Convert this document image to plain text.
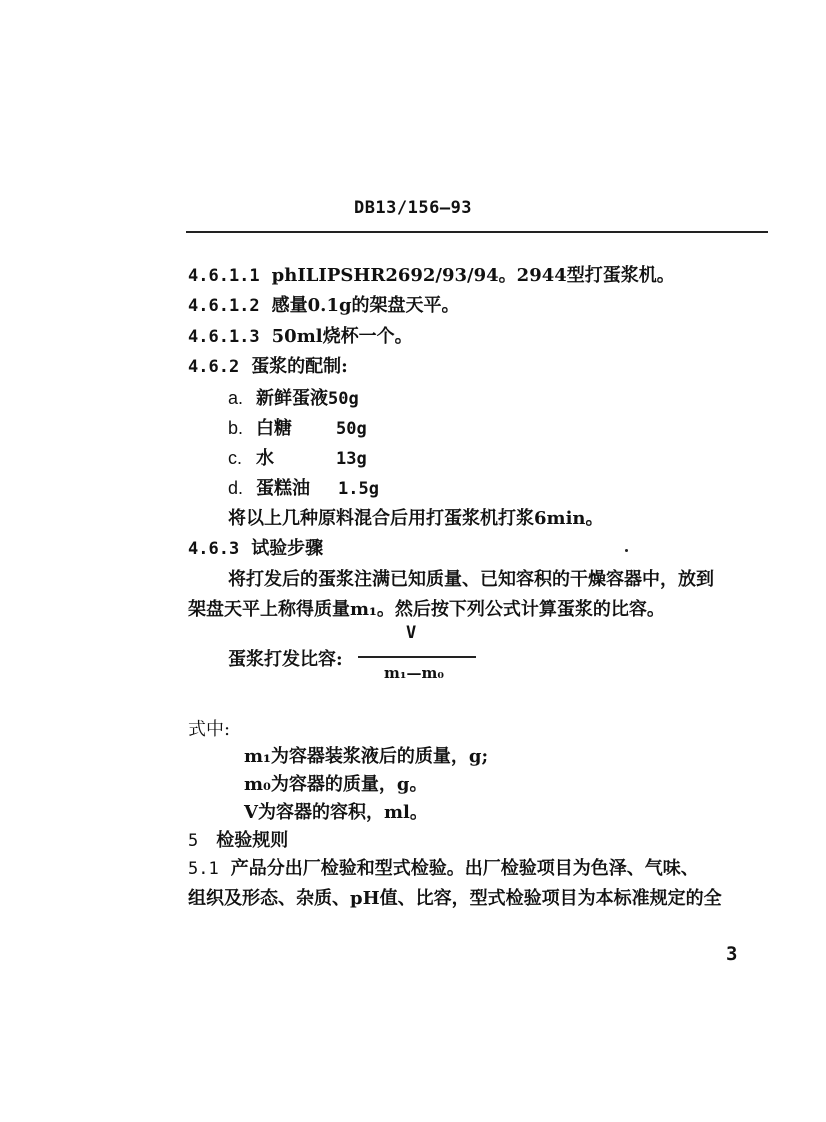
DB13/156—93
4.6.1.1 phILIPSHR2692/93/94。2944型打蛋浆机。
4.6.1.2 感量0.1g的架盘天平。
4.6.1.3 50ml烧杯一个。
4.6.2 蛋浆的配制:
a. 新鲜蛋液50g
b. 白糖	50g
c. 水	13g
d. 蛋糕油 1.5g
将以上几种原料混合后用打蛋浆机打浆6min。
4.6.3 试验步骤
将打发后的蛋浆注满已知质量、已知容积的干燥容器中，放到
架盘天平上称得质量m₁。然后按下列公式计算蛋浆的比容。
蛋浆打发比容:
V
m₁—m₀
式中:
m₁为容器装浆液后的质量，g;
m₀为容器的质量，g。
V为容器的容积，ml。
5 检验规则
5.1 产品分出厂检验和型式检验。出厂检验项目为色泽、气味、
组织及形态、杂质、pH值、比容，型式检验项目为本标准规定的全
3
